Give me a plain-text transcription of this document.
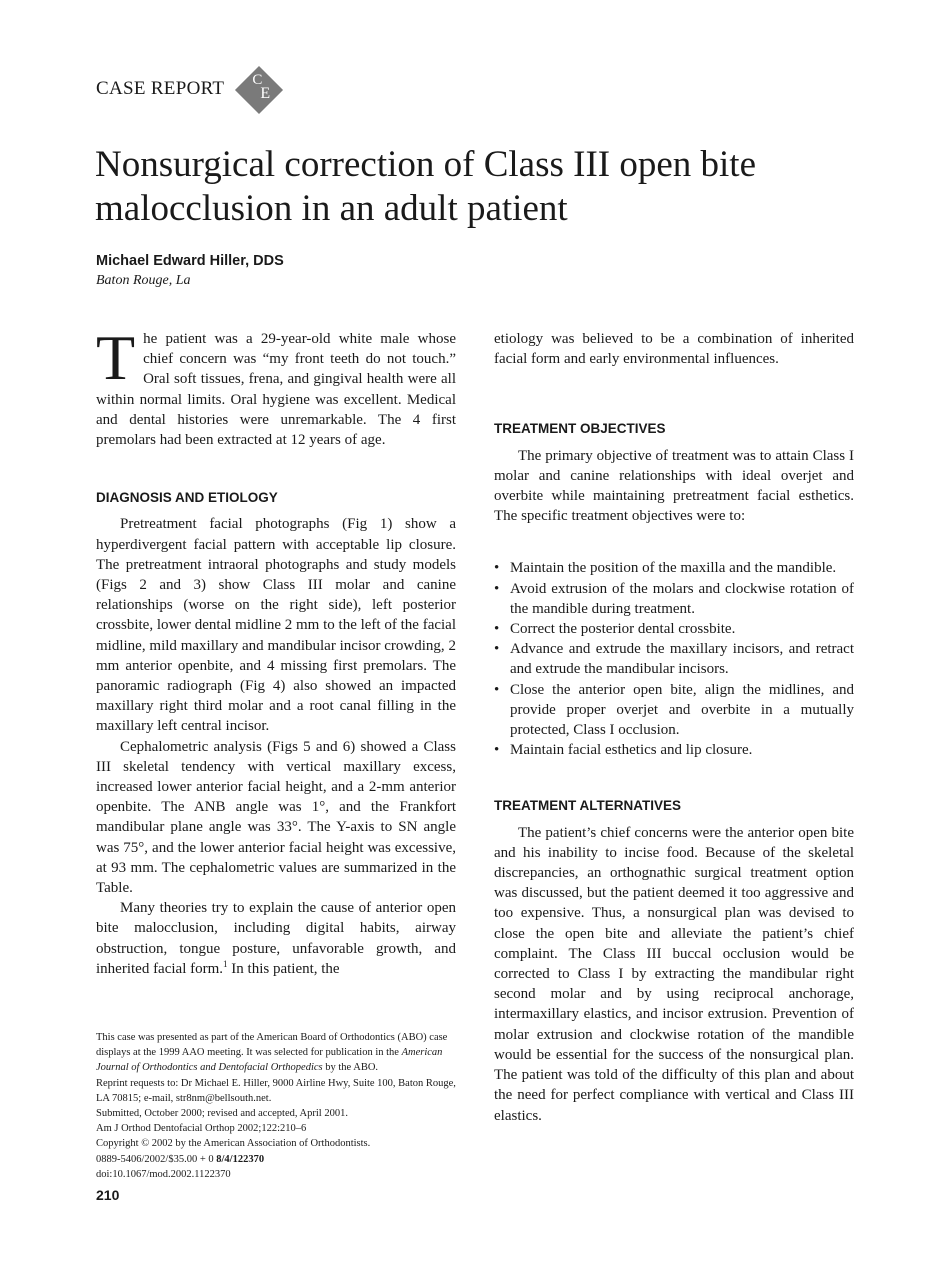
CASE REPORT C
E
Nonsurgical correction of Class III open bite malocclusion in an adult patient

Michael Edward Hiller, DDS

Baton Rouge, La

The patient was a 29-year-old white male whose chief concern was “my front teeth do not touch.” Oral soft tissues, frena, and gingival health were all within normal limits. Oral hygiene was excellent. Medical and dental histories were unremarkable. The 4 first premolars had been extracted at 12 years of age.

DIAGNOSIS AND ETIOLOGY

Pretreatment facial photographs (Fig 1) show a hyperdivergent facial pattern with acceptable lip closure. The pretreatment intraoral photographs and study models (Figs 2 and 3) show Class III molar and canine relationships (worse on the right side), left posterior crossbite, lower dental midline 2 mm to the left of the facial midline, mild maxillary and mandibular incisor crowding, 2 mm anterior openbite, and 4 missing first premolars. The panoramic radiograph (Fig 4) also showed an impacted maxillary right third molar and a root canal filling in the maxillary left central incisor.

Cephalometric analysis (Figs 5 and 6) showed a Class III skeletal tendency with vertical maxillary excess, increased lower anterior facial height, and a 2-mm anterior openbite. The ANB angle was 1°, and the Frankfort mandibular plane angle was 33°. The Y-axis to SN angle was 75°, and the lower anterior facial height was excessive, at 93 mm. The cephalometric values are summarized in the Table.

Many theories try to explain the cause of anterior open bite malocclusion, including digital habits, airway obstruction, tongue posture, unfavorable growth, and inherited facial form.$^1$ In this patient, the

etiology was believed to be a combination of inherited facial form and early environmental influences.

TREATMENT OBJECTIVES

The primary objective of treatment was to attain Class I molar and canine relationships with ideal overjet and overbite while maintaining pretreatment facial esthetics. The specific treatment objectives were to:

• Maintain the position of the maxilla and the mandible.
• Avoid extrusion of the molars and clockwise rotation of the mandible during treatment.
• Correct the posterior dental crossbite.
• Advance and extrude the maxillary incisors, and retract and extrude the mandibular incisors.
• Close the anterior open bite, align the midlines, and provide proper overjet and overbite in a mutually protected, Class I occlusion.
• Maintain facial esthetics and lip closure.

TREATMENT ALTERNATIVES

The patient’s chief concerns were the anterior open bite and his inability to incise food. Because of the skeletal discrepancies, an orthognathic surgical treatment option was discussed, but the patient deemed it too aggressive and too expensive. Thus, a nonsurgical plan was devised to close the open bite and alleviate the patient’s chief complaint. The Class III buccal occlusion would be corrected to Class I by extracting the mandibular right second molar and by using reciprocal anchorage, intermaxillary elastics, and incisor extrusion. Prevention of molar extrusion and clockwise rotation of the mandible would be essential for the success of the nonsurgical plan. The patient was told of the difficulty of this plan and about the need for perfect compliance with vertical and Class III elastics.

This case was presented as part of the American Board of Orthodontics (ABO) case displays at the 1999 AAO meeting. It was selected for publication in the American Journal of Orthodontics and Dentofacial Orthopedics by the ABO.

Reprint requests to: Dr Michael E. Hiller, 9000 Airline Hwy, Suite 100, Baton Rouge, LA 70815; e-mail, str8nm@bellsouth.net.

Submitted, October 2000; revised and accepted, April 2001.

Am J Orthod Dentofacial Orthop 2002;122:210–6

Copyright © 2002 by the American Association of Orthodontists.

0889-5406/2002/$35.00 + 0 8/4/122370

doi:10.1067/mod.2002.1122370

210
